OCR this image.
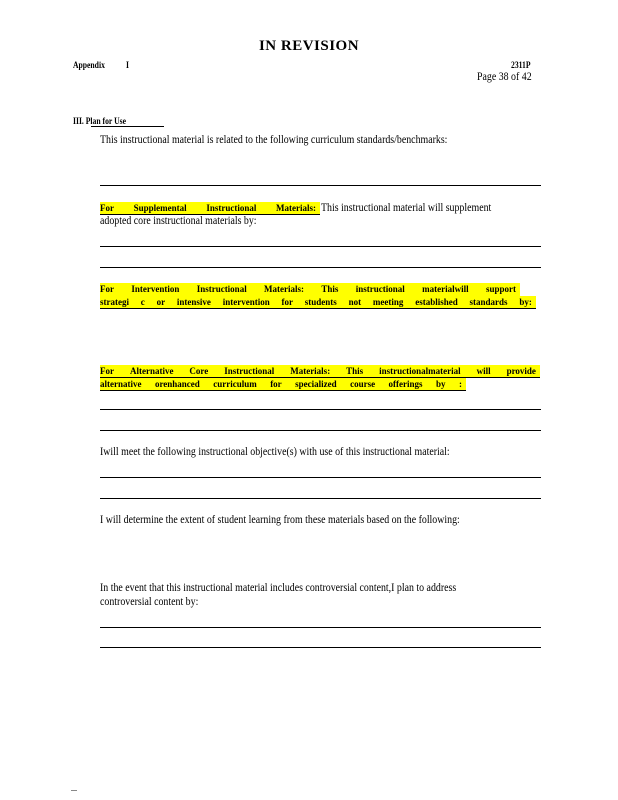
IN REVISION
Appendix I	2311P
Page 38 of 42
III. Plan for Use
This instructional material is related to the following curriculum standards/benchmarks:
For Supplemental Instructional Materials: This instructional material will supplement
adopted core instructional materials by:
For Intervention Instructional Materials: This instructional materialwill support
strategi c or intensive intervention for students not meeting established standards by:
For Alternative Core Instructional Materials: This instructionalmaterial will provide
alternative orenhanced curriculum for specialized course offerings by :
Iwill meet the following instructional objective(s) with use of this instructional material:
I will determine the extent of student learning from these materials based on the following:
In the event that this instructional material includes controversial content,I plan to address
controversial content by:
